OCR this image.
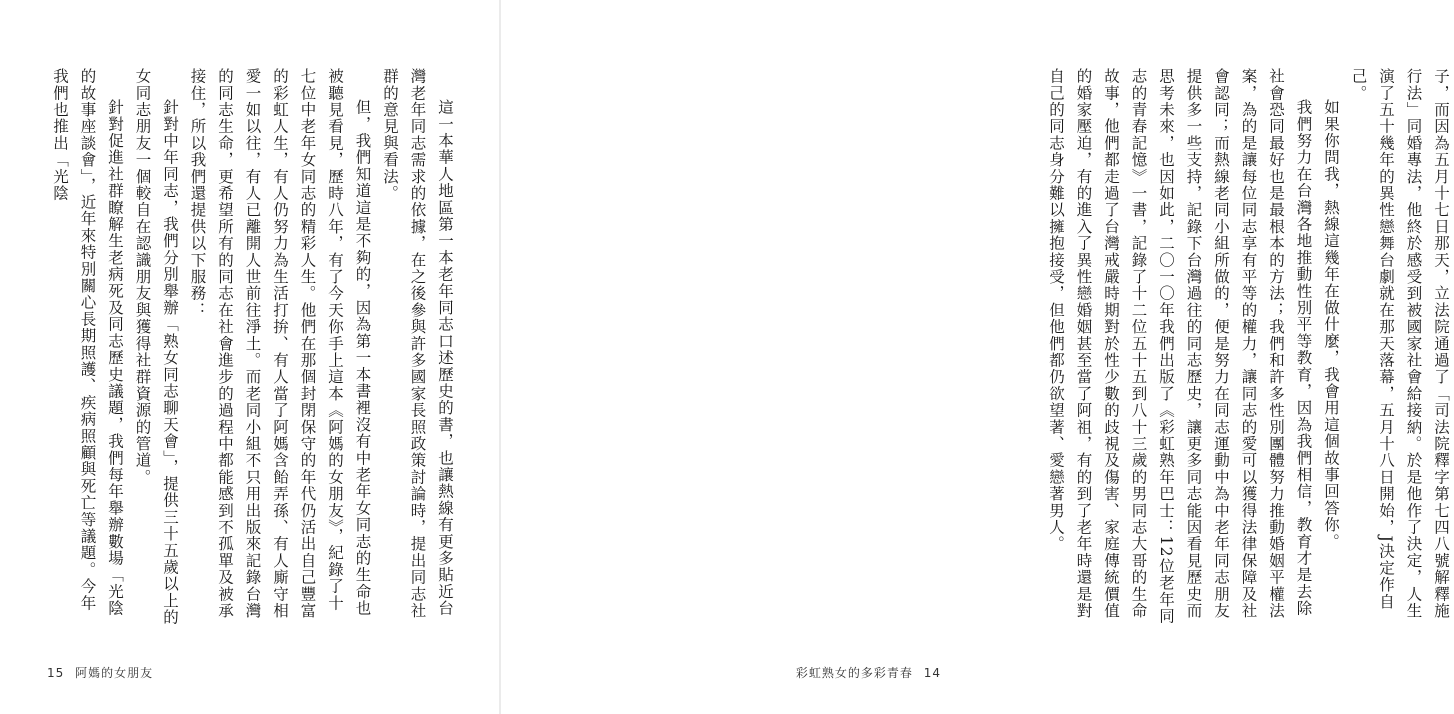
這一本華人地區第一本老年同志口述歷史的書，也讓熱線有更多貼近台灣老年同志需求的依據，在之後參與許多國家長照政策討論時，提出同志社群的意見與看法。

但，我們知道這是不夠的，因為第一本書裡沒有中老年女同志的生命也被聽見看見，歷時八年，有了今天你手上這本《阿媽的女朋友》，紀錄了十七位中老年女同志的精彩人生。他們在那個封閉保守的年代仍活出自己豐富的彩虹人生，有人仍努力為生活打拚、有人當了阿媽含飴弄孫、有人廝守相愛一如以往，有人已離開人世前往淨土。而老同小組不只用出版來記錄台灣的同志生命，更希望所有的同志在社會進步的過程中都能感到不孤單及被承接住，所以我們還提供以下服務：

針對中年同志，我們分別舉辦「熟女同志聊天會」，提供三十五歲以上的女同志朋友一個較自在認識朋友與獲得社群資源的管道。

針對促進社群瞭解生老病死及同志歷史議題，我們每年舉辦數場「光陰的故事座談會」，近年來特別關心長期照護、疾病照顧與死亡等議題。今年我們也推出「光陰

15 阿媽的女朋友

子，而因為五月十七日那天，立法院通過了「司法院釋字第七四八號解釋施行法」同婚專法，他終於感受到被國家社會給接納。於是他作了決定，人生演了五十幾年的異性戀舞台劇就在那天落幕，五月十八日開始，J決定作自己。

如果你問我，熱線這幾年在做什麼，我會用這個故事回答你。

我們努力在台灣各地推動性別平等教育，因為我們相信，教育才是去除社會恐同最好也是最根本的方法；我們和許多性別團體努力推動婚姻平權法案，為的是讓每位同志享有平等的權力，讓同志的愛可以獲得法律保障及社會認同；而熱線老同小組所做的，便是努力在同志運動中為中老年同志朋友提供多一些支持，記錄下台灣過往的同志歷史，讓更多同志能因看見歷史而思考未來，也因如此，二〇一〇年我們出版了《彩虹熟年巴士：12位老年同志的青春記憶》一書，記錄了十二位五十五到八十三歲的男同志大哥的生命故事，他們都走過了台灣戒嚴時期對於性少數的歧視及傷害、家庭傳統價值的婚家壓迫，有的進入了異性戀婚姻甚至當了阿祖，有的到了老年時還是對自己的同志身分難以擁抱接受，但他們都仍欲望著、愛戀著男人。

彩虹熟女的多彩青春 14
